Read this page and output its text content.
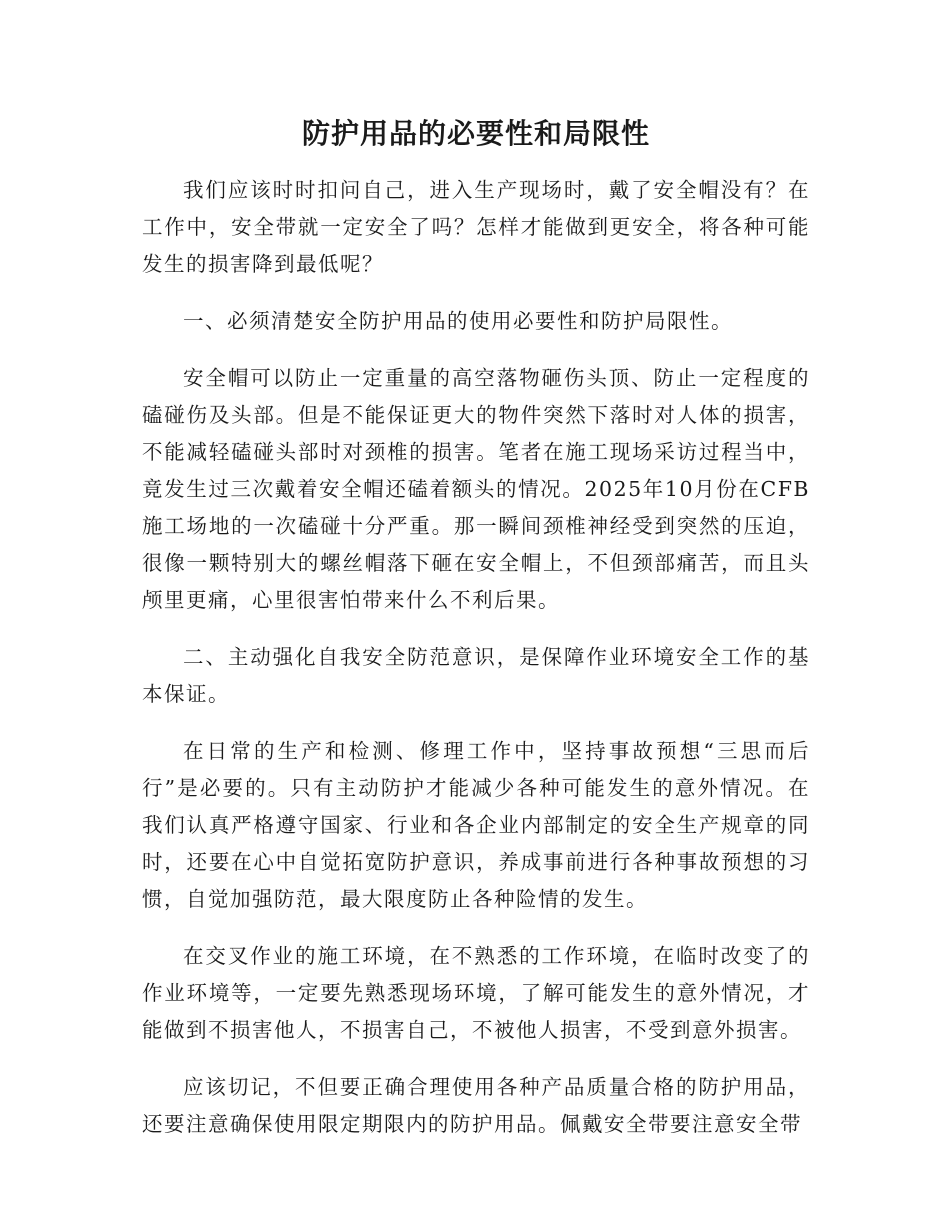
防护用品的必要性和局限性

我们应该时时扣问自己，进入生产现场时，戴了安全帽没有？在工作中，安全带就一定安全了吗？怎样才能做到更安全，将各种可能发生的损害降到最低呢？

一、必须清楚安全防护用品的使用必要性和防护局限性。

安全帽可以防止一定重量的高空落物砸伤头顶、防止一定程度的磕碰伤及头部。但是不能保证更大的物件突然下落时对人体的损害，不能减轻磕碰头部时对颈椎的损害。笔者在施工现场采访过程当中，竟发生过三次戴着安全帽还磕着额头的情况。2025年10月份在CFB施工场地的一次磕碰十分严重。那一瞬间颈椎神经受到突然的压迫，很像一颗特别大的螺丝帽落下砸在安全帽上，不但颈部痛苦，而且头颅里更痛，心里很害怕带来什么不利后果。

二、主动强化自我安全防范意识，是保障作业环境安全工作的基本保证。

在日常的生产和检测、修理工作中，坚持事故预想“三思而后行”是必要的。只有主动防护才能减少各种可能发生的意外情况。在我们认真严格遵守国家、行业和各企业内部制定的安全生产规章的同时，还要在心中自觉拓宽防护意识，养成事前进行各种事故预想的习惯，自觉加强防范，最大限度防止各种险情的发生。

在交叉作业的施工环境，在不熟悉的工作环境，在临时改变了的作业环境等，一定要先熟悉现场环境，了解可能发生的意外情况，才能做到不损害他人，不损害自己，不被他人损害，不受到意外损害。

应该切记，不但要正确合理使用各种产品质量合格的防护用品，还要注意确保使用限定期限内的防护用品。佩戴安全带要注意安全带
